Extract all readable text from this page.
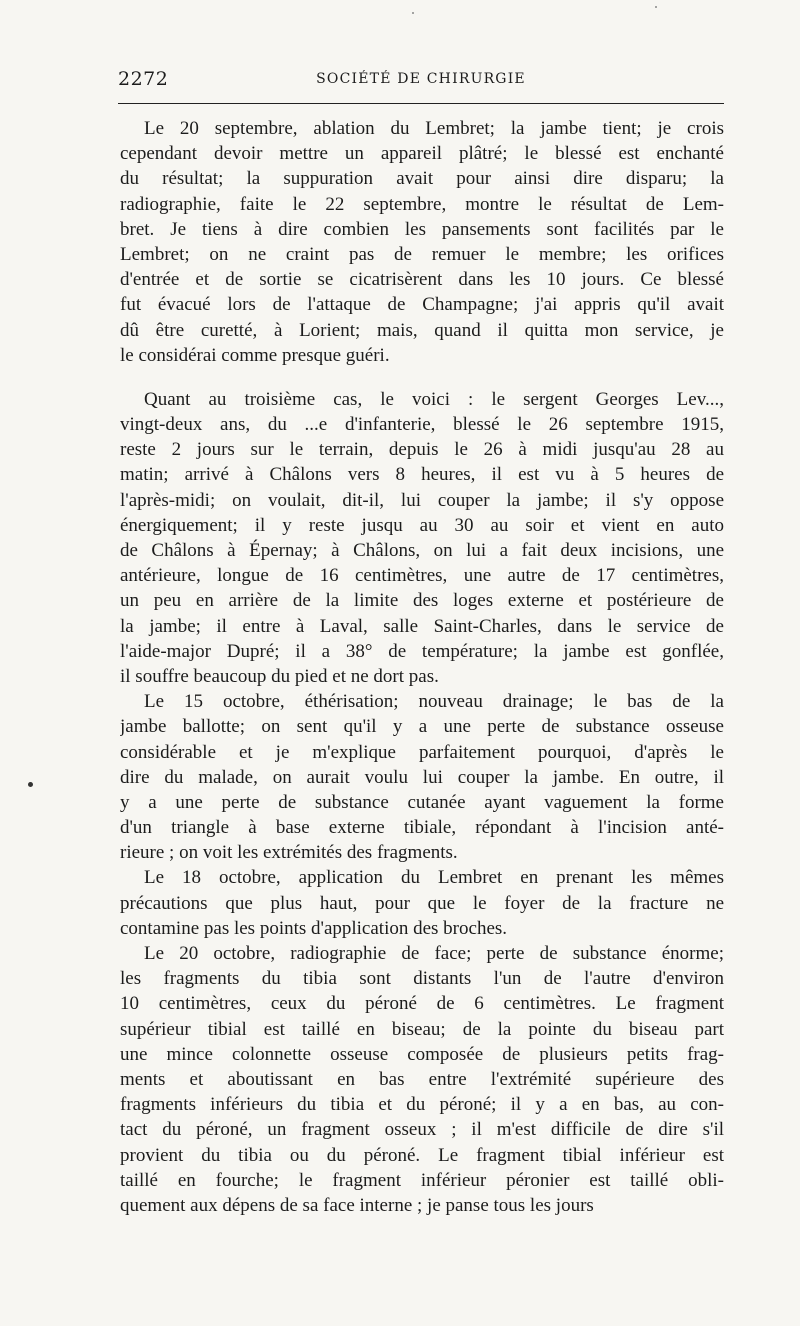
2272	SOCIÉTÉ DE CHIRURGIE
Le 20 septembre, ablation du Lembret; la jambe tient; je crois
cependant devoir mettre un appareil plâtré; le blessé est enchanté
du résultat; la suppuration avait pour ainsi dire disparu; la
radiographie, faite le 22 septembre, montre le résultat de Lem-
bret. Je tiens à dire combien les pansements sont facilités par le
Lembret; on ne craint pas de remuer le membre; les orifices
d'entrée et de sortie se cicatrisèrent dans les 10 jours. Ce blessé
fut évacué lors de l'attaque de Champagne; j'ai appris qu'il avait
dû être curetté, à Lorient; mais, quand il quitta mon service, je
le considérai comme presque guéri.
Quant au troisième cas, le voici : le sergent Georges Lev...,
vingt-deux ans, du ...e d'infanterie, blessé le 26 septembre 1915,
reste 2 jours sur le terrain, depuis le 26 à midi jusqu'au 28 au
matin; arrivé à Châlons vers 8 heures, il est vu à 5 heures de
l'après-midi; on voulait, dit-il, lui couper la jambe; il s'y oppose
énergiquement; il y reste jusqu au 30 au soir et vient en auto
de Châlons à Épernay; à Châlons, on lui a fait deux incisions, une
antérieure, longue de 16 centimètres, une autre de 17 centimètres,
un peu en arrière de la limite des loges externe et postérieure de
la jambe; il entre à Laval, salle Saint-Charles, dans le service de
l'aide-major Dupré; il a 38° de température; la jambe est gonflée,
il souffre beaucoup du pied et ne dort pas.
Le 15 octobre, éthérisation; nouveau drainage; le bas de la
jambe ballotte; on sent qu'il y a une perte de substance osseuse
considérable et je m'explique parfaitement pourquoi, d'après le
dire du malade, on aurait voulu lui couper la jambe. En outre, il
y a une perte de substance cutanée ayant vaguement la forme
d'un triangle à base externe tibiale, répondant à l'incision anté-
rieure ; on voit les extrémités des fragments.
Le 18 octobre, application du Lembret en prenant les mêmes
précautions que plus haut, pour que le foyer de la fracture ne
contamine pas les points d'application des broches.
Le 20 octobre, radiographie de face; perte de substance énorme;
les fragments du tibia sont distants l'un de l'autre d'environ
10 centimètres, ceux du péroné de 6 centimètres. Le fragment
supérieur tibial est taillé en biseau; de la pointe du biseau part
une mince colonnette osseuse composée de plusieurs petits frag-
ments et aboutissant en bas entre l'extrémité supérieure des
fragments inférieurs du tibia et du péroné; il y a en bas, au con-
tact du péroné, un fragment osseux ; il m'est difficile de dire s'il
provient du tibia ou du péroné. Le fragment tibial inférieur est
taillé en fourche; le fragment inférieur péronier est taillé obli-
quement aux dépens de sa face interne ; je panse tous les jours
